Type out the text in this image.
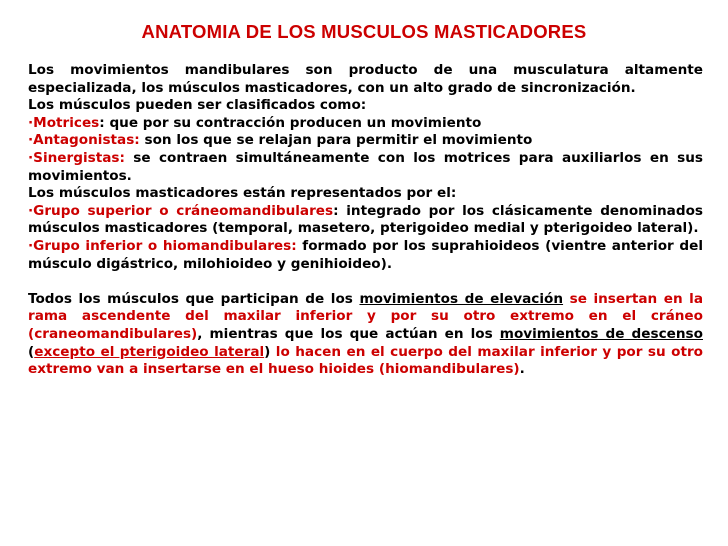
ANATOMIA DE LOS MUSCULOS MASTICADORES

Los movimientos mandibulares son producto de una musculatura altamente especializada, los músculos masticadores, con un alto grado de sincronización.

Los músculos pueden ser clasificados como:

·Motrices: que por su contracción producen un movimiento

·Antagonistas: son los que se relajan para permitir el movimiento

·Sinergistas: se contraen simultáneamente con los motrices para auxiliarlos en sus movimientos.

Los músculos masticadores están representados por el:

·Grupo superior o cráneomandibulares: integrado por los clásicamente denominados músculos masticadores (temporal, masetero, pterigoideo medial y pterigoideo lateral).

·Grupo inferior o hiomandibulares: formado por los suprahioideos (vientre anterior del músculo digástrico, milohioideo y genihioideo).

Todos los músculos que participan de los movimientos de elevación se insertan en la rama ascendente del maxilar inferior y por su otro extremo en el cráneo (craneomandibulares), mientras que los que actúan en los movimientos de descenso (excepto el pterigoideo lateral) lo hacen en el cuerpo del maxilar inferior y por su otro extremo van a insertarse en el hueso hioides (hiomandibulares).
